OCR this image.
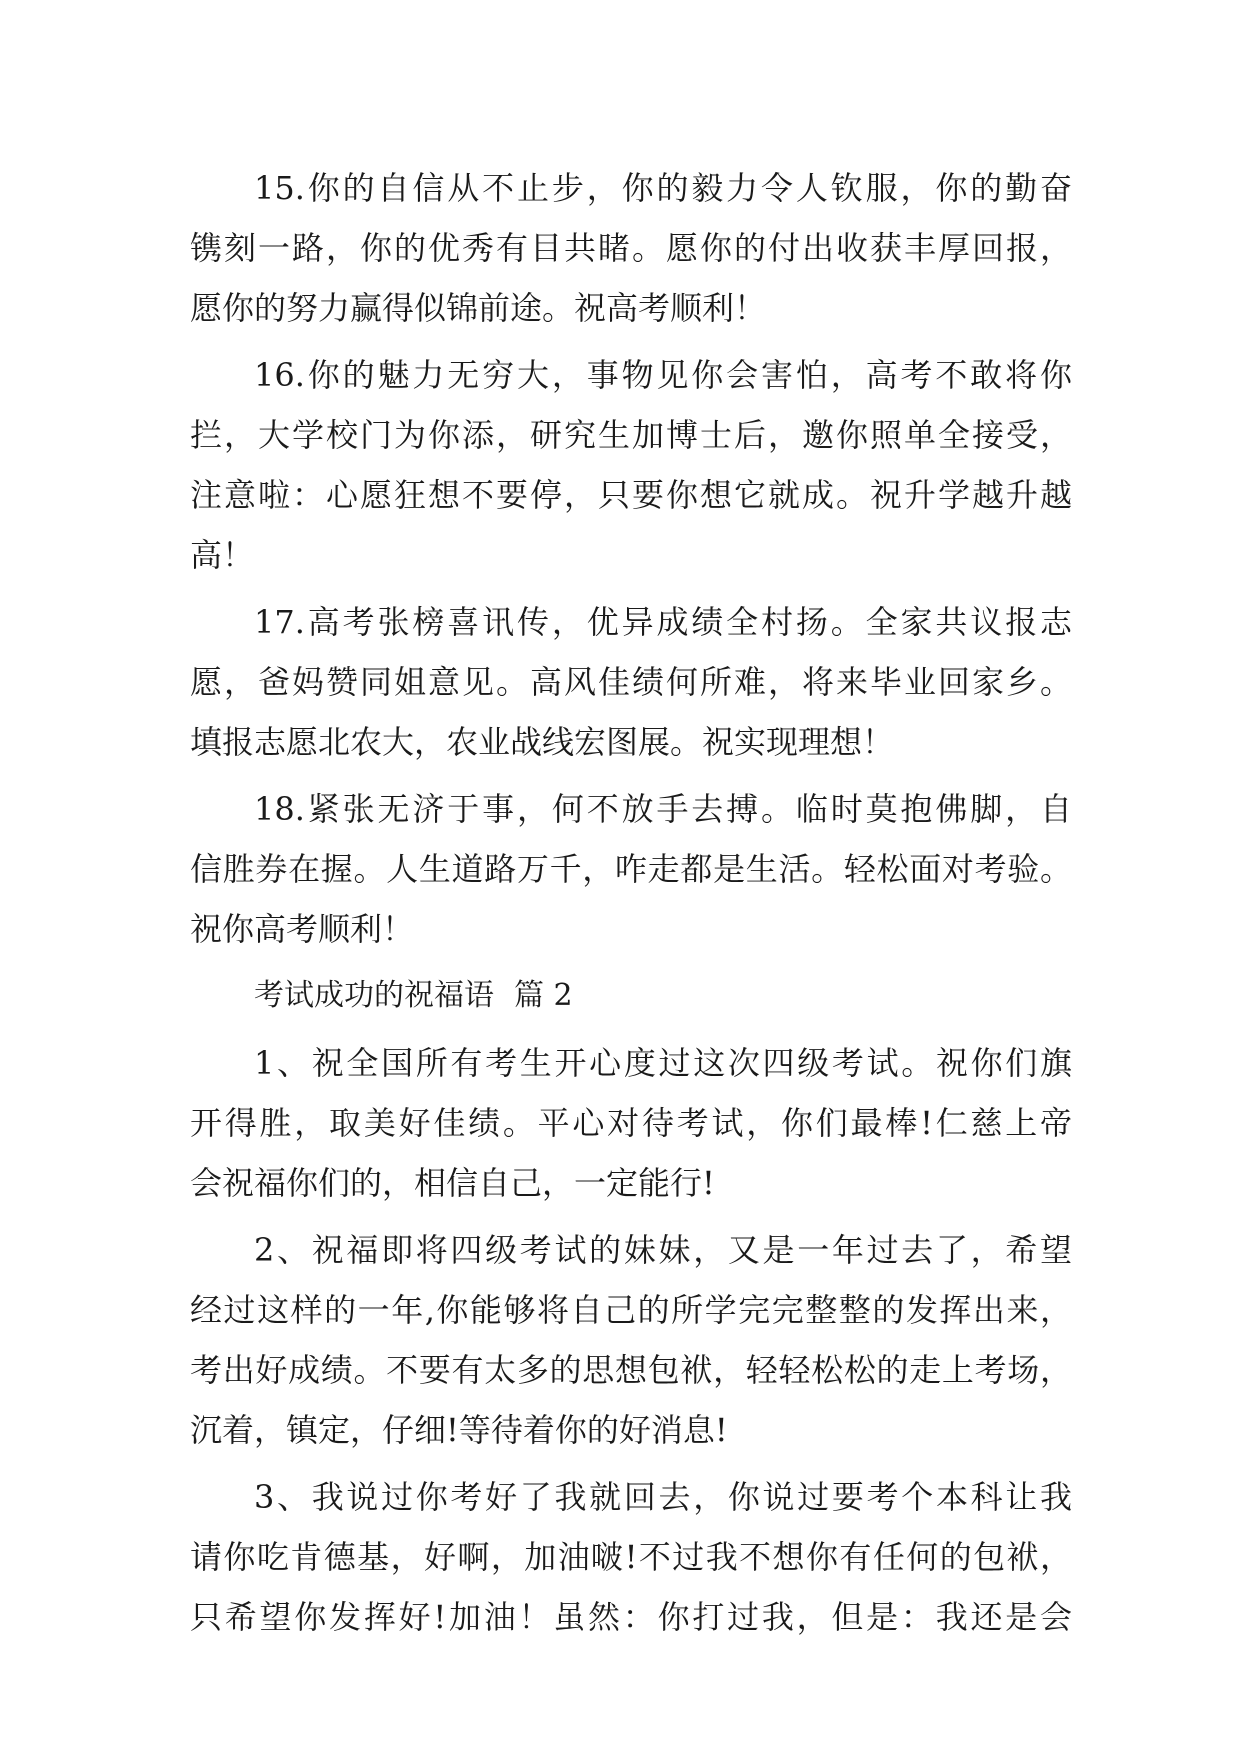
15.你的自信从不止步，你的毅力令人钦服，你的勤奋
镌刻一路，你的优秀有目共睹。愿你的付出收获丰厚回报，
愿你的努力赢得似锦前途。祝高考顺利！
16.你的魅力无穷大，事物见你会害怕，高考不敢将你
拦，大学校门为你添，研究生加博士后，邀你照单全接受，
注意啦：心愿狂想不要停，只要你想它就成。祝升学越升越
高！
17.高考张榜喜讯传，优异成绩全村扬。全家共议报志
愿，爸妈赞同姐意见。高风佳绩何所难，将来毕业回家乡。
填报志愿北农大，农业战线宏图展。祝实现理想！
18.紧张无济于事，何不放手去搏。临时莫抱佛脚，自
信胜券在握。人生道路万千，咋走都是生活。轻松面对考验。
祝你高考顺利！
考试成功的祝福语 篇 2
1、祝全国所有考生开心度过这次四级考试。祝你们旗
开得胜，取美好佳绩。平心对待考试，你们最棒!仁慈上帝
会祝福你们的，相信自己，一定能行!
2、祝福即将四级考试的妹妹，又是一年过去了，希望
经过这样的一年,你能够将自己的所学完完整整的发挥出来，
考出好成绩。不要有太多的思想包袱，轻轻松松的走上考场，
沉着，镇定，仔细!等待着你的好消息!
3、我说过你考好了我就回去，你说过要考个本科让我
请你吃肯德基，好啊，加油啵!不过我不想你有任何的包袱，
只希望你发挥好!加油！虽然：你打过我，但是：我还是会
